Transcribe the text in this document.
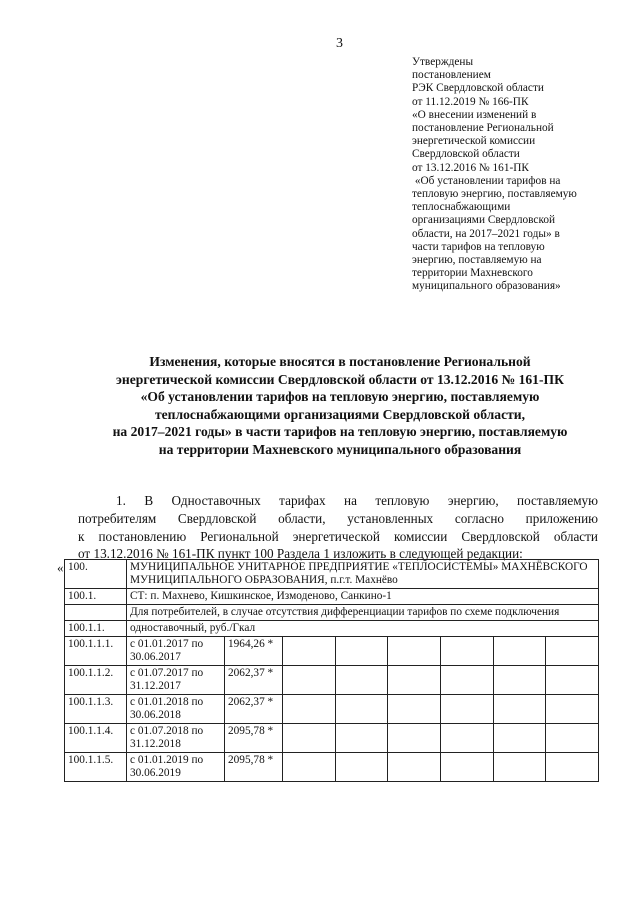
3
Утверждены
постановлением
РЭК Свердловской области
от 11.12.2019 № 166-ПК
«О внесении изменений в
постановление Региональной
энергетической комиссии
Свердловской области
от 13.12.2016 № 161-ПК
«Об установлении тарифов на
тепловую энергию, поставляемую
теплоснабжающими
организациями Свердловской
области, на 2017–2021 годы» в
части тарифов на тепловую
энергию, поставляемую на
территории Махневского
муниципального образования»
Изменения, которые вносятся в постановление Региональной
энергетической комиссии Свердловской области от 13.12.2016 № 161-ПК
«Об установлении тарифов на тепловую энергию, поставляемую
теплоснабжающими организациями Свердловской области,
на 2017–2021 годы» в части тарифов на тепловую энергию, поставляемую
на территории Махневского муниципального образования
1. В Одноставочных тарифах на тепловую энергию, поставляемую
потребителям Свердловской области, установленных согласно приложению
к постановлению Региональной энергетической комиссии Свердловской области
от 13.12.2016 № 161-ПК пункт 100 Раздела 1 изложить в следующей редакции:
« 100.	МУНИЦИПАЛЬНОЕ УНИТАРНОЕ ПРЕДПРИЯТИЕ «ТЕПЛОСИСТЕМЫ» МАХНЁВСКОГО МУНИЦИПАЛЬНОГО ОБРАЗОВАНИЯ, п.г.т. Махнёво							
100.1.	СТ: п. Махнево, Кишкинское, Измоденово, Санкино-1							
	Для потребителей, в случае отсутствия дифференциации тарифов по схеме подключения							
100.1.1.	одноставочный, руб./Гкал							
100.1.1.1.	с 01.01.2017 по 30.06.2017	1964,26 *						
100.1.1.2.	с 01.07.2017 по 31.12.2017	2062,37 *						
100.1.1.3.	с 01.01.2018 по 30.06.2018	2062,37 *						
100.1.1.4.	с 01.07.2018 по 31.12.2018	2095,78 *						
100.1.1.5.	с 01.01.2019 по 30.06.2019	2095,78 *						
